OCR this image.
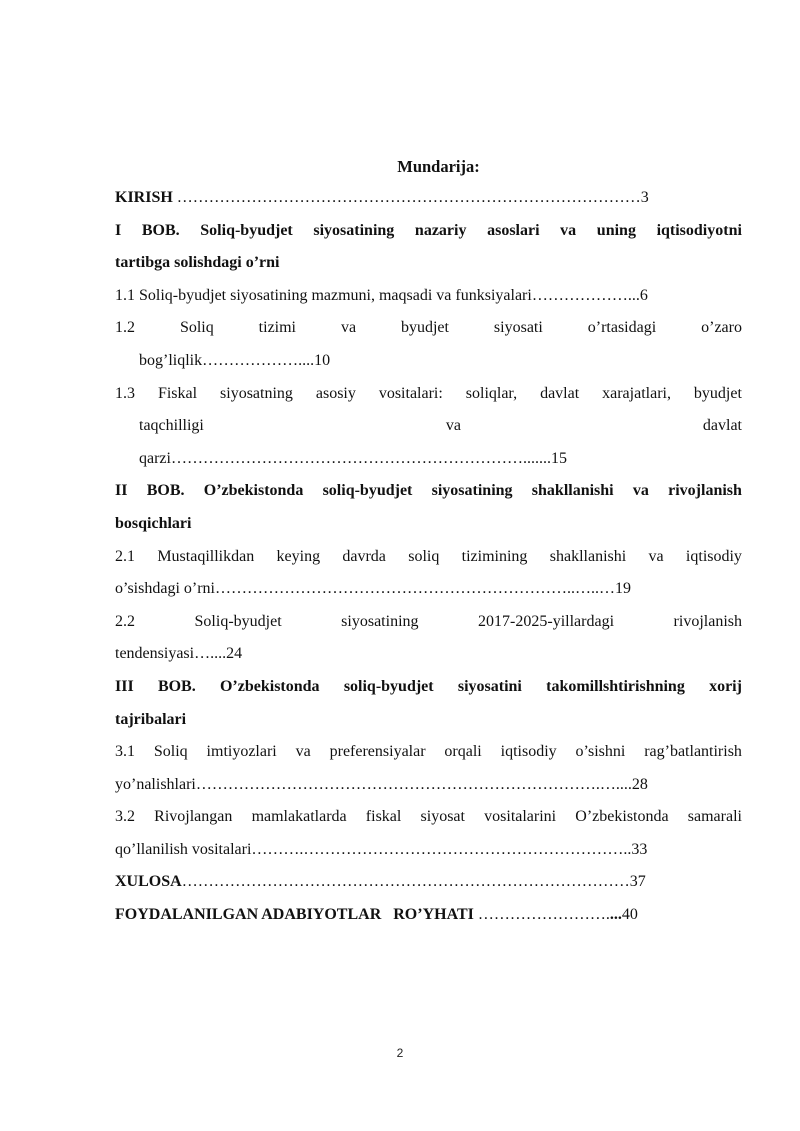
Mundarija:
KIRISH ……………………………………………………………………………3
I BOB. Soliq-byudjet siyosatining nazariy asoslari va uning iqtisodiyotni
tartibga solishdagi o’rni
1.1 Soliq-byudjet siyosatining mazmuni, maqsadi va funksiyalari………………...6
1.2	Soliq	tizimi	va	byudjet	siyosati	o’rtasidagi	o’zaro
bog’liqlik………………....10
1.3 Fiskal siyosatning asosiy vositalari: soliqlar, davlat xarajatlari, byudjet
taqchilligi	va	davlat
qarzi………………………………………………………….......15
II BOB. O’zbekistonda soliq-byudjet siyosatining shakllanishi va rivojlanish
bosqichlari
2.1 Mustaqillikdan keying davrda soliq tizimining shakllanishi va iqtisodiy
o’sishdagi o’rni…………………………………………………………..…..…19
2.2	Soliq-byudjet	siyosatining	2017-2025-yillardagi	rivojlanish
tendensiyasi…....24
III BOB. O’zbekistonda soliq-byudjet siyosatini takomillshtirishning xorij
tajribalari
3.1 Soliq imtiyozlari va preferensiyalar orqali iqtisodiy o’sishni rag’batlantirish
yo’nalishlari………………………………………………………………….…....28
3.2 Rivojlangan mamlakatlarda fiskal siyosat vositalarini O’zbekistonda samarali
qo’llanilish vositalari……….……………………………………………………..33
XULOSA…………………………………………………………………………37
FOYDALANILGAN ADABIYOTLAR   RO’YHATI ……………………....40
2
